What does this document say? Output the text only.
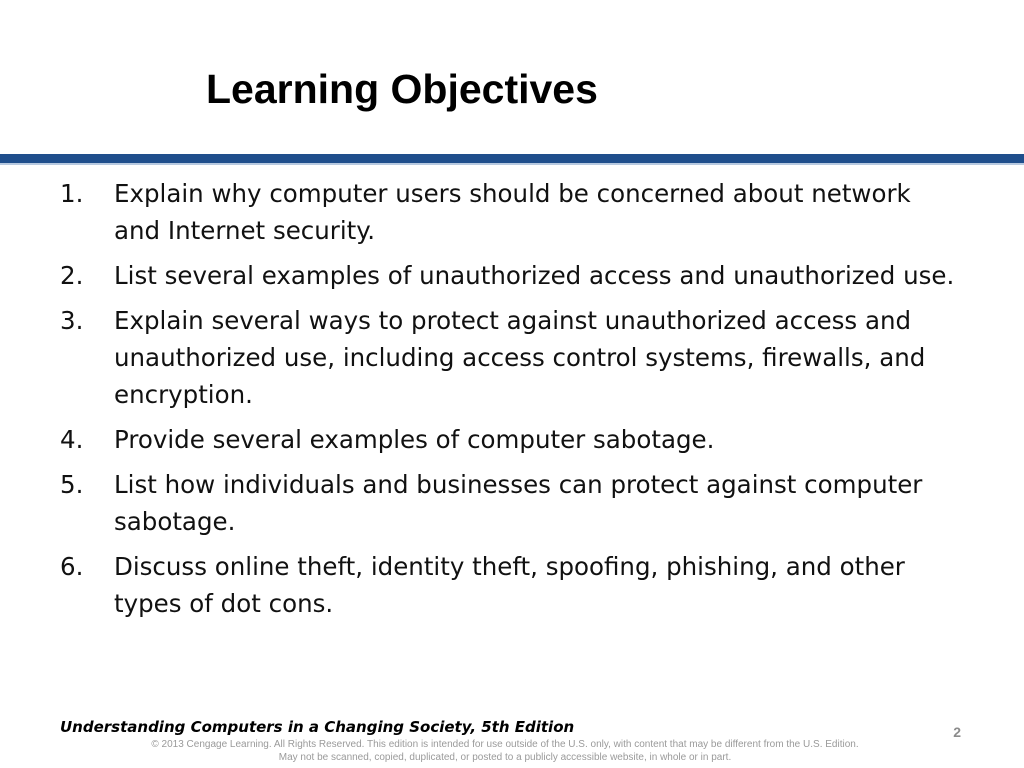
Learning Objectives
1. Explain why computer users should be concerned about network and Internet security.
2. List several examples of unauthorized access and unauthorized use.
3. Explain several ways to protect against unauthorized access and unauthorized use, including access control systems, firewalls, and encryption.
4. Provide several examples of computer sabotage.
5. List how individuals and businesses can protect against computer sabotage.
6. Discuss online theft, identity theft, spoofing, phishing, and other types of dot cons.
Understanding Computers in a Changing Society, 5th Edition
© 2013 Cengage Learning. All Rights Reserved. This edition is intended for use outside of the U.S. only, with content that may be different from the U.S. Edition.
May not be scanned, copied, duplicated, or posted to a publicly accessible website, in whole or in part.
2
